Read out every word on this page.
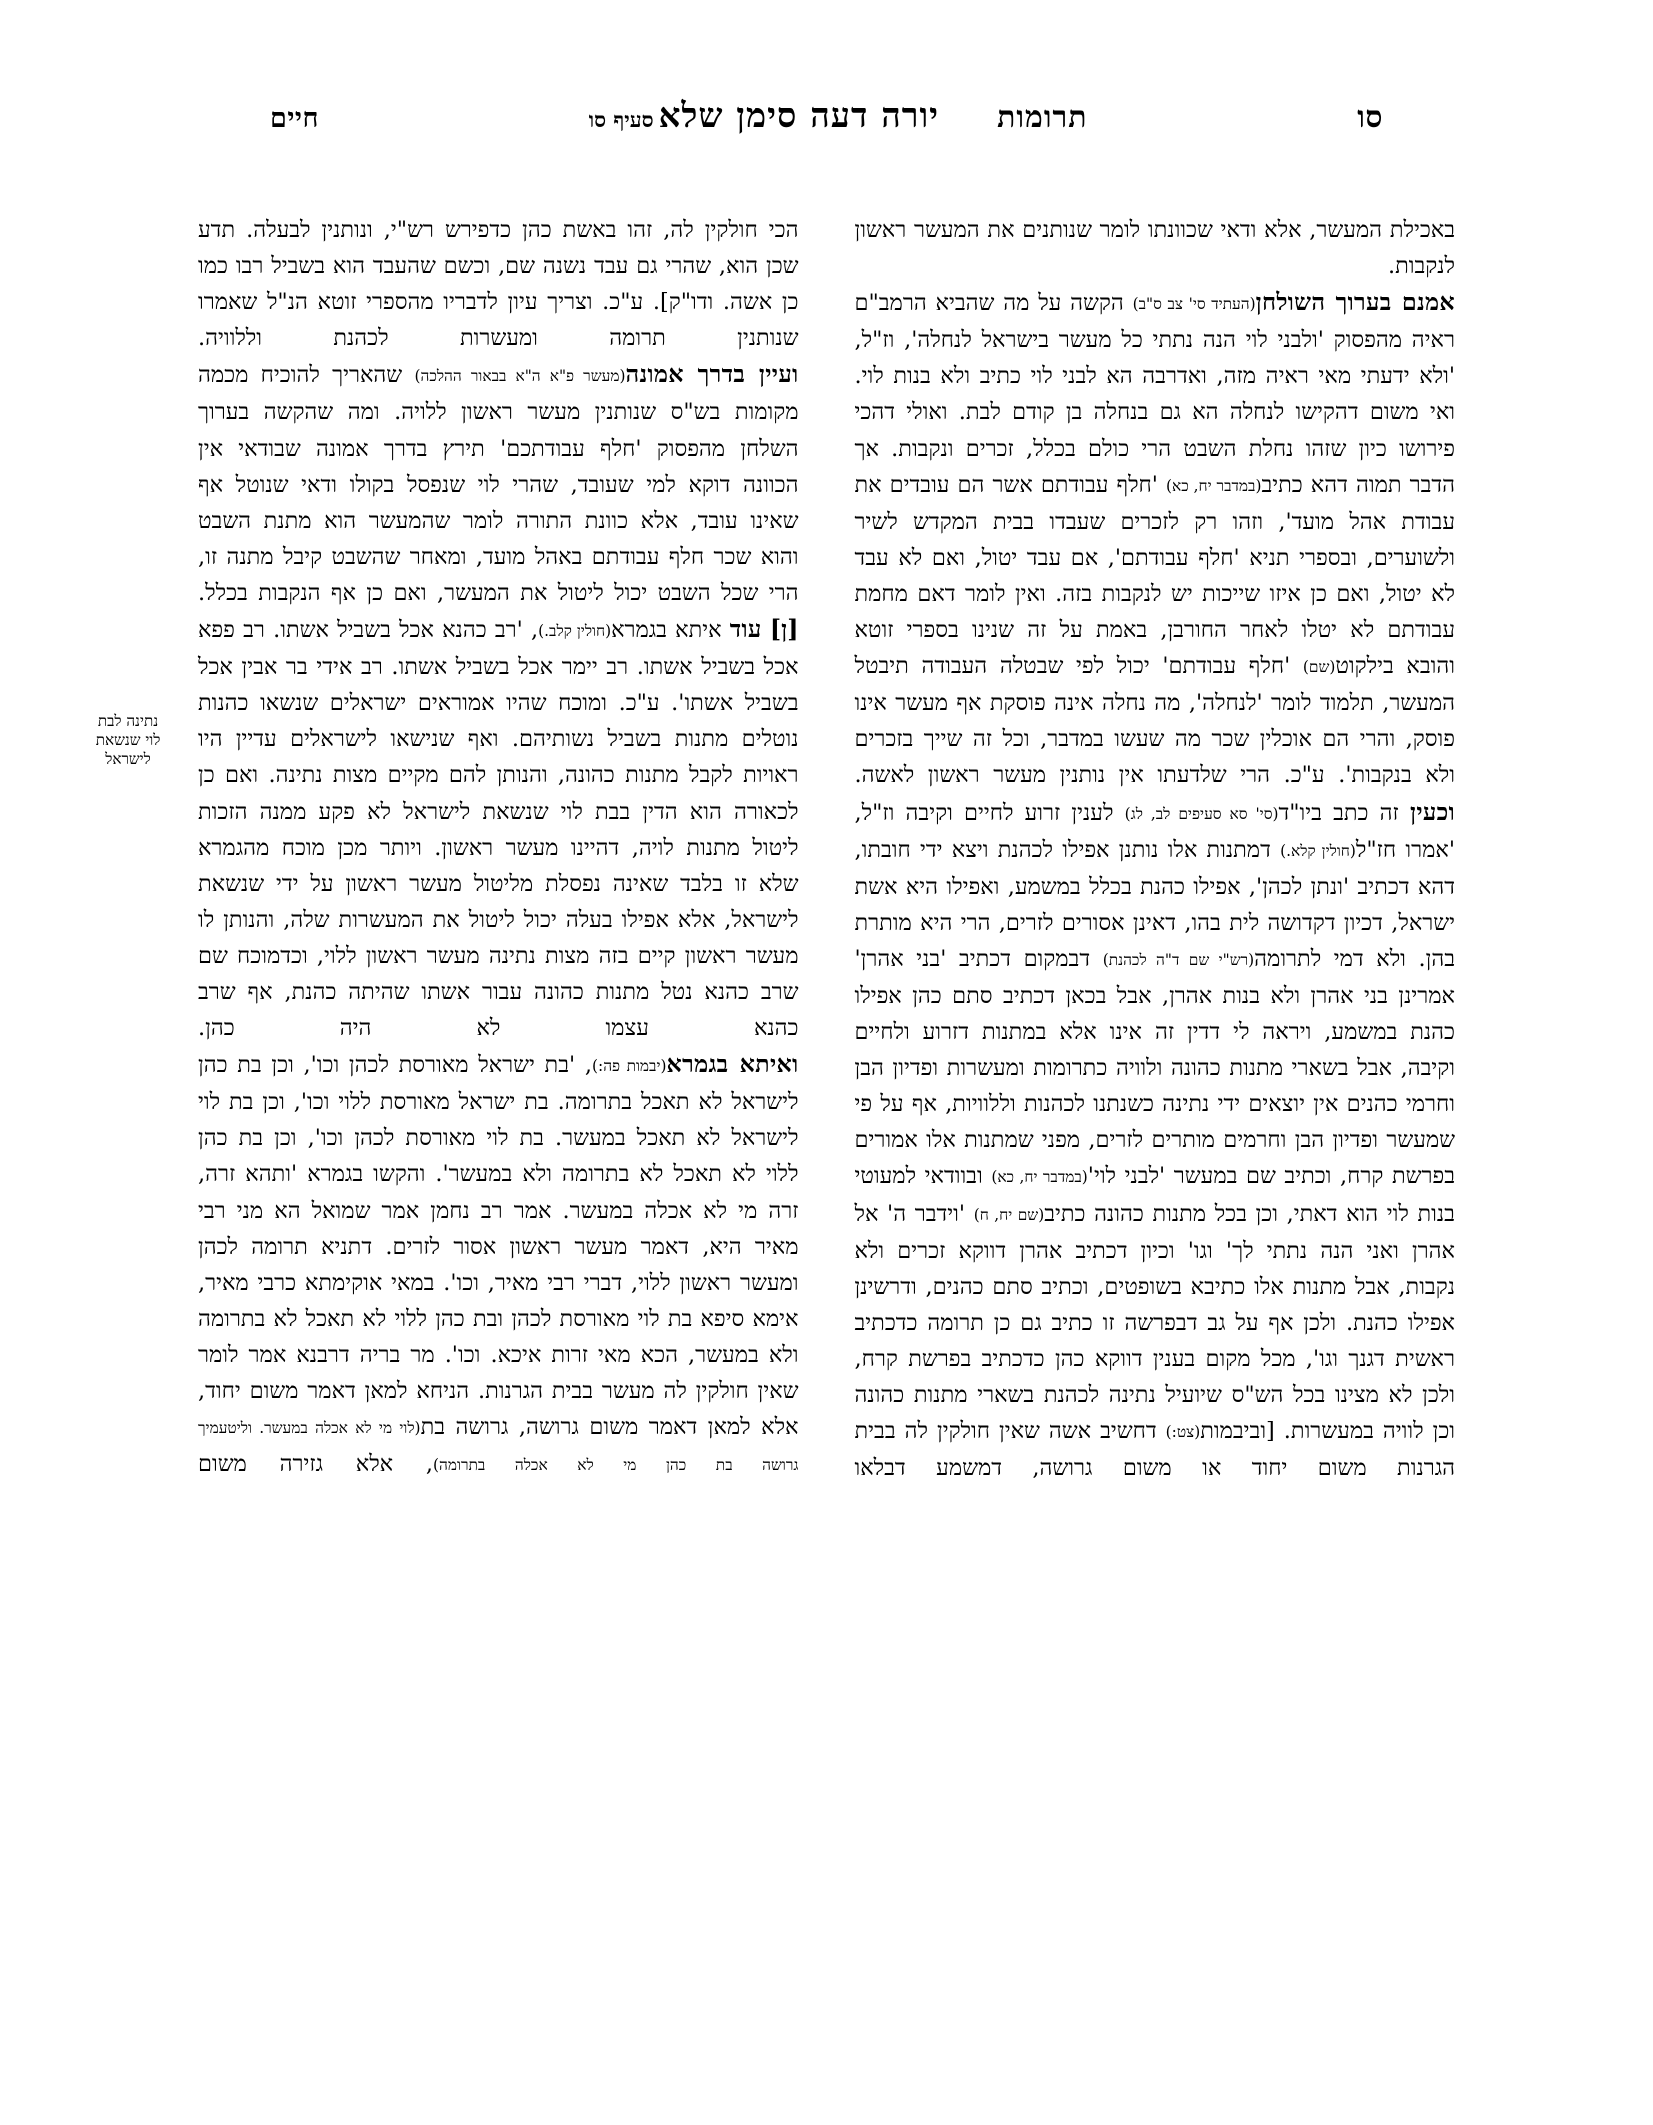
סו
תרומות
יורה דעה סימן שלא סעיף סו
חיים

באכילת המעשר, אלא ודאי שכוונתו לומר שנותנים את המעשר ראשון לנקבות.

אמנם בערוך השולחן(העתיד סי' צב ס"ב) הקשה על מה שהביא הרמב"ם ראיה מהפסוק 'ולבני לוי הנה נתתי כל מעשר בישראל לנחלה', וז"ל, 'ולא ידעתי מאי ראיה מזה, ואדרבה הא לבני לוי כתיב ולא בנות לוי. ואי משום דהקישו לנחלה הא גם בנחלה בן קודם לבת. ואולי דהכי פירושו כיון שזהו נחלת השבט הרי כולם בכלל, זכרים ונקבות. אך הדבר תמוה דהא כתיב(במדבר יח, כא) 'חלף עבודתם אשר הם עובדים את עבודת אהל מועד', וזהו רק לזכרים שעבדו בבית המקדש לשיר ולשוערים, ובספרי תניא 'חלף עבודתם', אם עבד יטול, ואם לא עבד לא יטול, ואם כן איזו שייכות יש לנקבות בזה. ואין לומר דאם מחמת עבודתם לא יטלו לאחר החורבן, באמת על זה שנינו בספרי זוטא והובא בילקוט(שם) 'חלף עבודתם' יכול לפי שבטלה העבודה תיבטל המעשר, תלמוד לומר 'לנחלה', מה נחלה אינה פוסקת אף מעשר אינו פוסק, והרי הם אוכלין שכר מה שעשו במדבר, וכל זה שייך בזכרים ולא בנקבות'. ע"כ. הרי שלדעתו אין נותנין מעשר ראשון לאשה.

וכעין זה כתב ביו"ד(סי' סא סעיפים לב, לג) לענין זרוע לחיים וקיבה וז"ל, 'אמרו חז"ל(חולין קלא.) דמתנות אלו נותנן אפילו לכהנת ויצא ידי חובתו, דהא דכתיב 'ונתן לכהן', אפילו כהנת בכלל במשמע, ואפילו היא אשת ישראל, דכיון דקדושה לית בהו, דאינן אסורים לזרים, הרי היא מותרת בהן. ולא דמי לתרומה(רש"י שם ד"ה לכהנת) דבמקום דכתיב 'בני אהרן' אמרינן בני אהרן ולא בנות אהרן, אבל בכאן דכתיב סתם כהן אפילו כהנת במשמע, ויראה לי דדין זה אינו אלא במתנות דזרוע ולחיים וקיבה, אבל בשארי מתנות כהונה ולוויה כתרומות ומעשרות ופדיון הבן וחרמי כהנים אין יוצאים ידי נתינה כשנתנו לכהנות וללוויות, אף על פי שמעשר ופדיון הבן וחרמים מותרים לזרים, מפני שמתנות אלו אמורים בפרשת קרח, וכתיב שם במעשר 'לבני לוי'(במדבר יח, כא) ובוודאי למעוטי בנות לוי הוא דאתי, וכן בכל מתנות כהונה כתיב(שם יח, ח) 'וידבר ה' אל אהרן ואני הנה נתתי לך' וגו' וכיון דכתיב אהרן דווקא זכרים ולא נקבות, אבל מתנות אלו כתיבא בשופטים, וכתיב סתם כהנים, ודרשינן אפילו כהנת. ולכן אף על גב דבפרשה זו כתיב גם כן תרומה כדכתיב ראשית דגנך וגו', מכל מקום בענין דווקא כהן כדכתיב בפרשת קרח, ולכן לא מצינו בכל הש"ס שיועיל נתינה לכהנת בשארי מתנות כהונה וכן לוויה במעשרות. [וביבמות(צט:) דחשיב אשה שאין חולקין לה בבית הגרנות משום יחוד או משום גרושה, דמשמע דבלאו

נתינה לבת
לוי שנשאת
לישראל

הכי חולקין לה, זהו באשת כהן כדפירש רש"י, ונותנין לבעלה. תדע שכן הוא, שהרי גם עבד נשנה שם, וכשם שהעבד הוא בשביל רבו כמו כן אשה. ודו"ק]. ע"כ. וצריך עיון לדבריו מהספרי זוטא הנ"ל שאמרו שנותנין תרומה ומעשרות לכהנת וללוויה.

ועיין בדרך אמונה(מעשר פ"א ה"א בבאור ההלכה) שהאריך להוכיח מכמה מקומות בש"ס שנותנין מעשר ראשון ללויה. ומה שהקשה בערוך השלחן מהפסוק 'חלף עבודתכם' תירץ בדרך אמונה שבודאי אין הכוונה דוקא למי שעובד, שהרי לוי שנפסל בקולו ודאי שנוטל אף שאינו עובד, אלא כוונת התורה לומר שהמעשר הוא מתנת השבט והוא שכר חלף עבודתם באהל מועד, ומאחר שהשבט קיבל מתנה זו, הרי שכל השבט יכול ליטול את המעשר, ואם כן אף הנקבות בכלל.

[ן] עוד איתא בגמרא(חולין קלב.), 'רב כהנא אכל בשביל אשתו. רב פפא אכל בשביל אשתו. רב יימר אכל בשביל אשתו. רב אידי בר אבין אכל בשביל אשתו'. ע"כ. ומוכח שהיו אמוראים ישראלים שנשאו כהנות נוטלים מתנות בשביל נשותיהם. ואף שנישאו לישראלים עדיין היו ראויות לקבל מתנות כהונה, והנותן להם מקיים מצות נתינה. ואם כן לכאורה הוא הדין בבת לוי שנשאת לישראל לא פקע ממנה הזכות ליטול מתנות לויה, דהיינו מעשר ראשון. ויותר מכן מוכח מהגמרא שלא זו בלבד שאינה נפסלת מליטול מעשר ראשון על ידי שנשאת לישראל, אלא אפילו בעלה יכול ליטול את המעשרות שלה, והנותן לו מעשר ראשון קיים בזה מצות נתינה מעשר ראשון ללוי, וכדמוכח שם שרב כהנא נטל מתנות כהונה עבור אשתו שהיתה כהנת, אף שרב כהנא עצמו לא היה כהן.

ואיתא בגמרא(יבמות פה:), 'בת ישראל מאורסת לכהן וכו', וכן בת כהן לישראל לא תאכל בתרומה. בת ישראל מאורסת ללוי וכו', וכן בת לוי לישראל לא תאכל במעשר. בת לוי מאורסת לכהן וכו', וכן בת כהן ללוי לא תאכל לא בתרומה ולא במעשר'. והקשו בגמרא 'ותהא זרה, זרה מי לא אכלה במעשר. אמר רב נחמן אמר שמואל הא מני רבי מאיר היא, דאמר מעשר ראשון אסור לזרים. דתניא תרומה לכהן ומעשר ראשון ללוי, דברי רבי מאיר, וכו'. במאי אוקימתא כרבי מאיר, אימא סיפא בת לוי מאורסת לכהן ובת כהן ללוי לא תאכל לא בתרומה ולא במעשר, הכא מאי זרות איכא. וכו'. מר בריה דרבנא אמר לומר שאין חולקין לה מעשר בבית הגרנות. הניחא למאן דאמר משום יחוד, אלא למאן דאמר משום גרושה, גרושה בת(לוי מי לא אכלה במעשר. וליטעמיך גרושה בת כהן מי לא אכלה בתרומה), אלא גזירה משום
